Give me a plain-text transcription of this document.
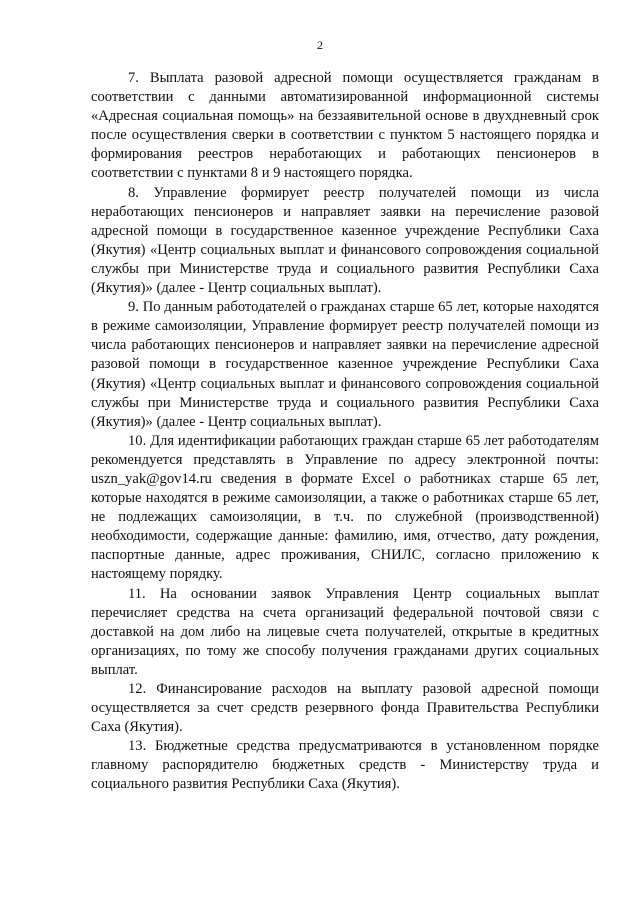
2

7. Выплата разовой адресной помощи осуществляется гражданам в соответствии с данными автоматизированной информационной системы «Адресная социальная помощь» на беззаявительной основе в двухдневный срок после осуществления сверки в соответствии с пунктом 5 настоящего порядка и формирования реестров неработающих и работающих пенсионеров в соответствии с пунктами 8 и 9 настоящего порядка.

8. Управление формирует реестр получателей помощи из числа неработающих пенсионеров и направляет заявки на перечисление разовой адресной помощи в государственное казенное учреждение Республики Саха (Якутия) «Центр социальных выплат и финансового сопровождения социальной службы при Министерстве труда и социального развития Республики Саха (Якутия)» (далее - Центр социальных выплат).

9. По данным работодателей о гражданах старше 65 лет, которые находятся в режиме самоизоляции, Управление формирует реестр получателей помощи из числа работающих пенсионеров и направляет заявки на перечисление адресной разовой помощи в государственное казенное учреждение Республики Саха (Якутия) «Центр социальных выплат и финансового сопровождения социальной службы при Министерстве труда и социального развития Республики Саха (Якутия)» (далее - Центр социальных выплат).

10. Для идентификации работающих граждан старше 65 лет работодателям рекомендуется представлять в Управление по адресу электронной почты: uszn_yak@gov14.ru сведения в формате Excel о работниках старше 65 лет, которые находятся в режиме самоизоляции, а также о работниках старше 65 лет, не подлежащих самоизоляции, в т.ч. по служебной (производственной) необходимости, содержащие данные: фамилию, имя, отчество, дату рождения, паспортные данные, адрес проживания, СНИЛС, согласно приложению к настоящему порядку.

11. На основании заявок Управления Центр социальных выплат перечисляет средства на счета организаций федеральной почтовой связи с доставкой на дом либо на лицевые счета получателей, открытые в кредитных организациях, по тому же способу получения гражданами других социальных выплат.

12. Финансирование расходов на выплату разовой адресной помощи осуществляется за счет средств резервного фонда Правительства Республики Саха (Якутия).

13. Бюджетные средства предусматриваются в установленном порядке главному распорядителю бюджетных средств - Министерству труда и социального развития Республики Саха (Якутия).
